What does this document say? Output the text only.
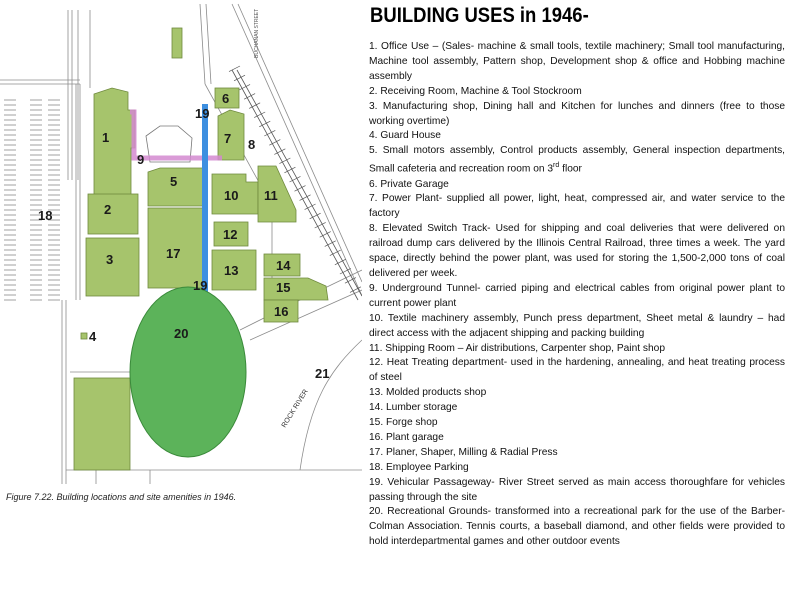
1
2
3
4
5
6
7 8
9
10 11
12
13	14
15
16
17
18
19
19
20
21
BUCHANAN STREET
ROCK RIVER
Figure 7.22. Building locations and site amenities in 1946.
BUILDING USES in 1946-

1. Office Use – (Sales- machine & small tools, textile machinery; Small tool manufacturing, Machine tool assembly, Pattern shop, Development shop & office and Hobbing machine assembly

2. Receiving Room, Machine & Tool Stockroom

3. Manufacturing shop, Dining hall and Kitchen for lunches and dinners (free to those working overtime)

4. Guard House

5. Small motors assembly, Control products assembly, General inspection departments, Small cafeteria and recreation room on 3rd floor

6. Private Garage

7. Power Plant- supplied all power, light, heat, compressed air, and water service to the factory

8. Elevated Switch Track- Used for shipping and coal deliveries that were delivered on railroad dump cars delivered by the Illinois Central Railroad, three times a week. The yard space, directly behind the power plant, was used for storing the 1,500-2,000 tons of coal delivered per week.

9. Underground Tunnel- carried piping and electrical cables from original power plant to current power plant

10. Textile machinery assembly, Punch press department, Sheet metal & laundry – had direct access with the adjacent shipping and packing building

11. Shipping Room – Air distributions, Carpenter shop, Paint shop

12. Heat Treating department- used in the hardening, annealing, and heat treating process of steel

13. Molded products shop

14. Lumber storage

15. Forge shop

16. Plant garage

17. Planer, Shaper, Milling & Radial Press

18. Employee Parking

19. Vehicular Passageway- River Street served as main access thoroughfare for vehicles passing through the site

20. Recreational Grounds- transformed into a recreational park for the use of the Barber-Colman Association. Tennis courts, a baseball diamond, and other fields were provided to hold interdepartmental games and other outdoor events
